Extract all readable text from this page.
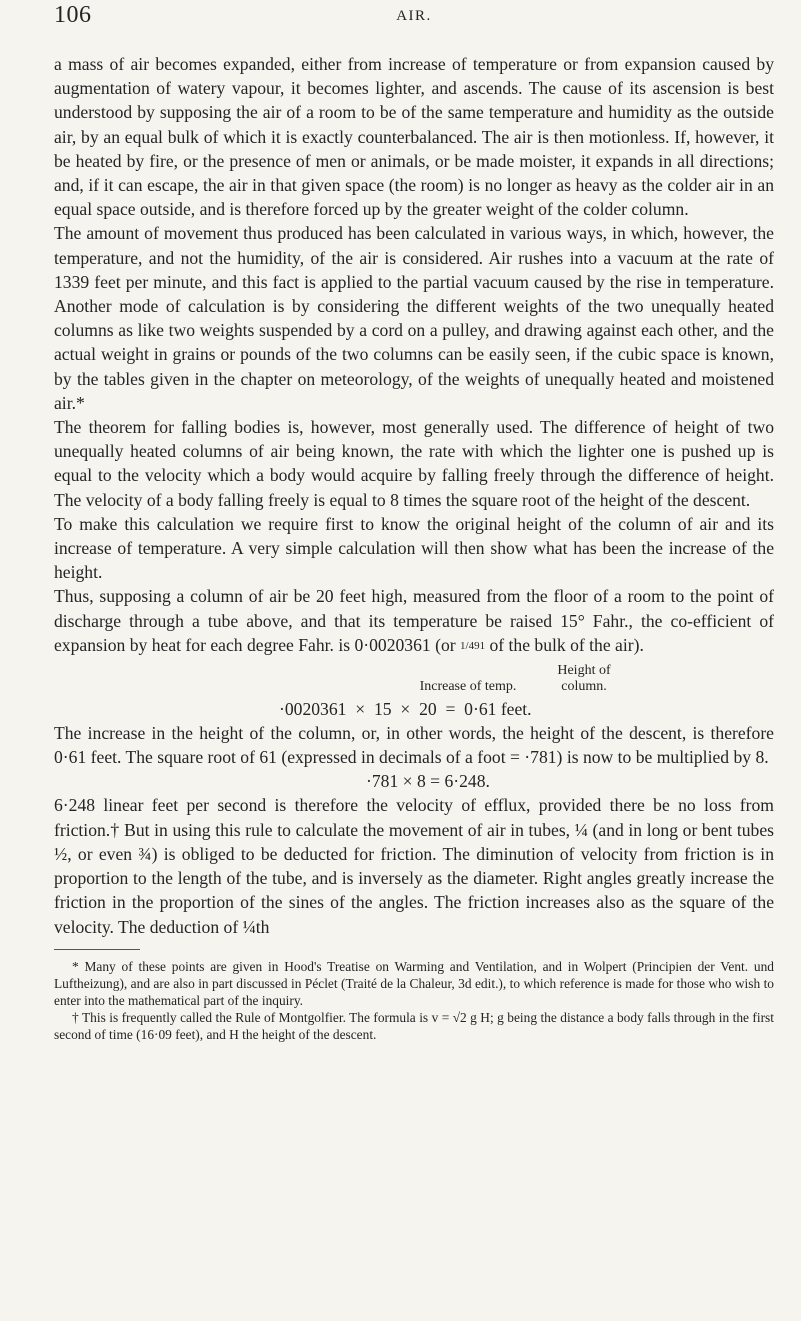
106	AIR.

a mass of air becomes expanded, either from increase of temperature or from expansion caused by augmentation of watery vapour, it becomes lighter, and ascends. The cause of its ascension is best understood by supposing the air of a room to be of the same temperature and humidity as the outside air, by an equal bulk of which it is exactly counterbalanced. The air is then motionless. If, however, it be heated by fire, or the presence of men or animals, or be made moister, it expands in all directions; and, if it can escape, the air in that given space (the room) is no longer as heavy as the colder air in an equal space outside, and is therefore forced up by the greater weight of the colder column.

The amount of movement thus produced has been calculated in various ways, in which, however, the temperature, and not the humidity, of the air is considered. Air rushes into a vacuum at the rate of 1339 feet per minute, and this fact is applied to the partial vacuum caused by the rise in temperature. Another mode of calculation is by considering the different weights of the two unequally heated columns as like two weights suspended by a cord on a pulley, and drawing against each other, and the actual weight in grains or pounds of the two columns can be easily seen, if the cubic space is known, by the tables given in the chapter on meteorology, of the weights of unequally heated and moistened air.*

The theorem for falling bodies is, however, most generally used. The difference of height of two unequally heated columns of air being known, the rate with which the lighter one is pushed up is equal to the velocity which a body would acquire by falling freely through the difference of height. The velocity of a body falling freely is equal to 8 times the square root of the height of the descent.

To make this calculation we require first to know the original height of the column of air and its increase of temperature. A very simple calculation will then show what has been the increase of the height.

Thus, supposing a column of air be 20 feet high, measured from the floor of a room to the point of discharge through a tube above, and that its temperature be raised 15° Fahr., the co-efficient of expansion by heat for each degree Fahr. is 0·0020361 (or 1/491 of the bulk of the air).

Increase of temp.Height of column.
·0020361  ×  15  ×  20  =  0·61 feet.

The increase in the height of the column, or, in other words, the height of the descent, is therefore 0·61 feet. The square root of 61 (expressed in decimals of a foot = ·781) is now to be multiplied by 8.

·781 × 8 = 6·248.

6·248 linear feet per second is therefore the velocity of efflux, provided there be no loss from friction.† But in using this rule to calculate the movement of air in tubes, ¼ (and in long or bent tubes ½, or even ¾) is obliged to be deducted for friction. The diminution of velocity from friction is in proportion to the length of the tube, and is inversely as the diameter. Right angles greatly increase the friction in the proportion of the sines of the angles. The friction increases also as the square of the velocity. The deduction of ¼th

* Many of these points are given in Hood's Treatise on Warming and Ventilation, and in Wolpert (Principien der Vent. und Luftheizung), and are also in part discussed in Péclet (Traité de la Chaleur, 3d edit.), to which reference is made for those who wish to enter into the mathematical part of the inquiry.

† This is frequently called the Rule of Montgolfier. The formula is v = √2 g H; g being the distance a body falls through in the first second of time (16·09 feet), and H the height of the descent.
